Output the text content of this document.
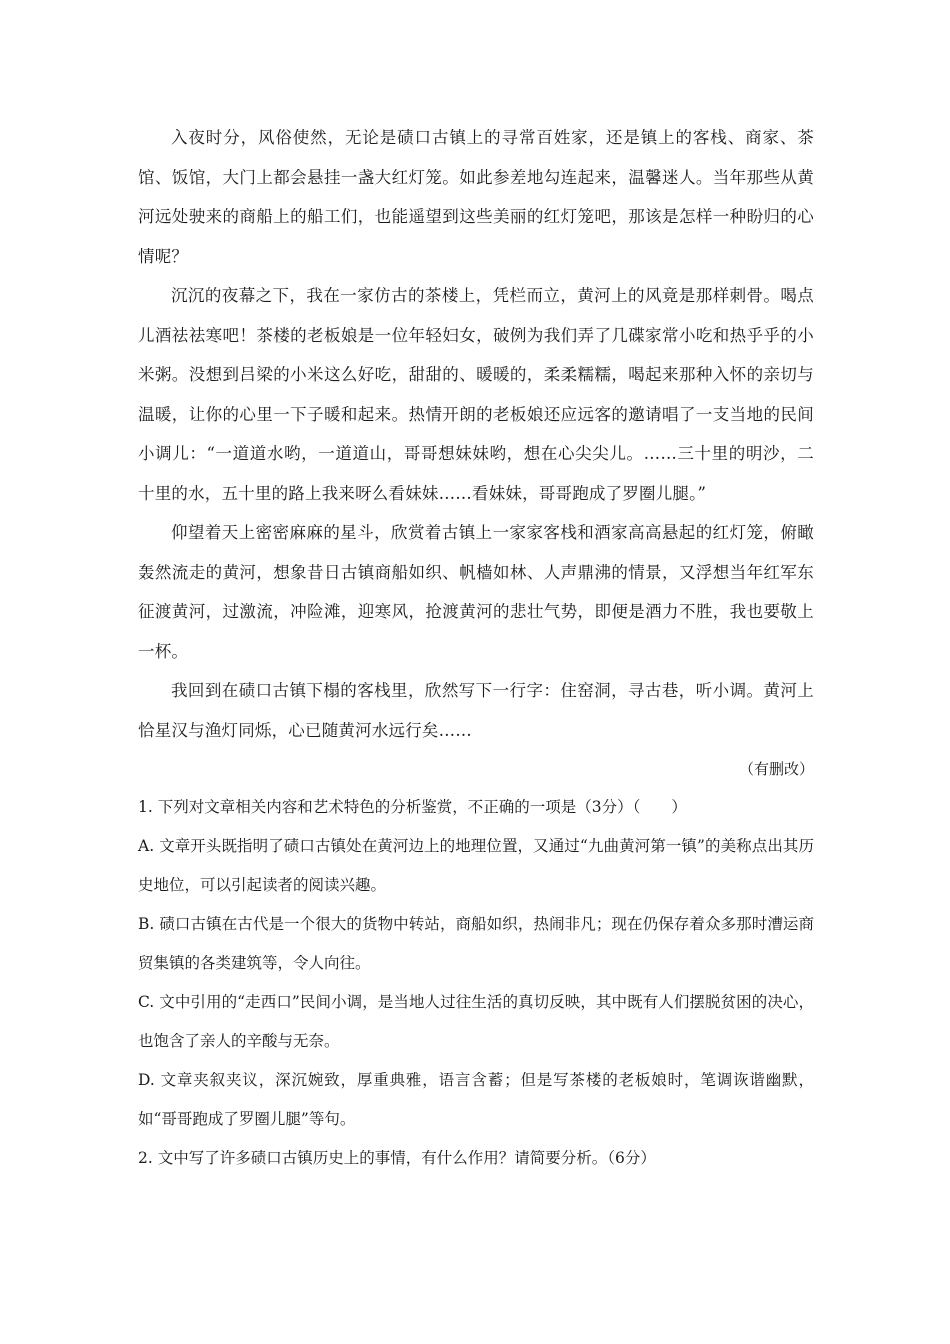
入夜时分，风俗使然，无论是碛口古镇上的寻常百姓家，还是镇上的客栈、商家、茶馆、饭馆，大门上都会悬挂一盏大红灯笼。如此参差地勾连起来，温馨迷人。当年那些从黄河远处驶来的商船上的船工们，也能遥望到这些美丽的红灯笼吧，那该是怎样一种盼归的心情呢？

沉沉的夜幕之下，我在一家仿古的茶楼上，凭栏而立，黄河上的风竟是那样刺骨。喝点儿酒祛祛寒吧！茶楼的老板娘是一位年轻妇女，破例为我们弄了几碟家常小吃和热乎乎的小米粥。没想到吕梁的小米这么好吃，甜甜的、暖暖的，柔柔糯糯，喝起来那种入怀的亲切与温暖，让你的心里一下子暖和起来。热情开朗的老板娘还应远客的邀请唱了一支当地的民间小调儿：“一道道水哟，一道道山，哥哥想妹妹哟，想在心尖尖儿。……三十里的明沙，二十里的水，五十里的路上我来呀么看妹妹……看妹妹，哥哥跑成了罗圈儿腿。”

仰望着天上密密麻麻的星斗，欣赏着古镇上一家家客栈和酒家高高悬起的红灯笼，俯瞰轰然流走的黄河，想象昔日古镇商船如织、帆樯如林、人声鼎沸的情景，又浮想当年红军东征渡黄河，过激流，冲险滩，迎寒风，抢渡黄河的悲壮气势，即便是酒力不胜，我也要敬上一杯。

我回到在碛口古镇下榻的客栈里，欣然写下一行字：住窑洞，寻古巷，听小调。黄河上恰星汉与渔灯同烁，心已随黄河水远行矣……

（有删改）

1. 下列对文章相关内容和艺术特色的分析鉴赏，不正确的一项是（3分）（　　）

A. 文章开头既指明了碛口古镇处在黄河边上的地理位置，又通过“九曲黄河第一镇”的美称点出其历史地位，可以引起读者的阅读兴趣。

B. 碛口古镇在古代是一个很大的货物中转站，商船如织，热闹非凡；现在仍保存着众多那时漕运商贸集镇的各类建筑等，令人向往。

C. 文中引用的“走西口”民间小调，是当地人过往生活的真切反映，其中既有人们摆脱贫困的决心，也饱含了亲人的辛酸与无奈。

D. 文章夹叙夹议，深沉婉致，厚重典雅，语言含蓄；但是写茶楼的老板娘时，笔调诙谐幽默，如“哥哥跑成了罗圈儿腿”等句。

2. 文中写了许多碛口古镇历史上的事情，有什么作用？请简要分析。（6分）
